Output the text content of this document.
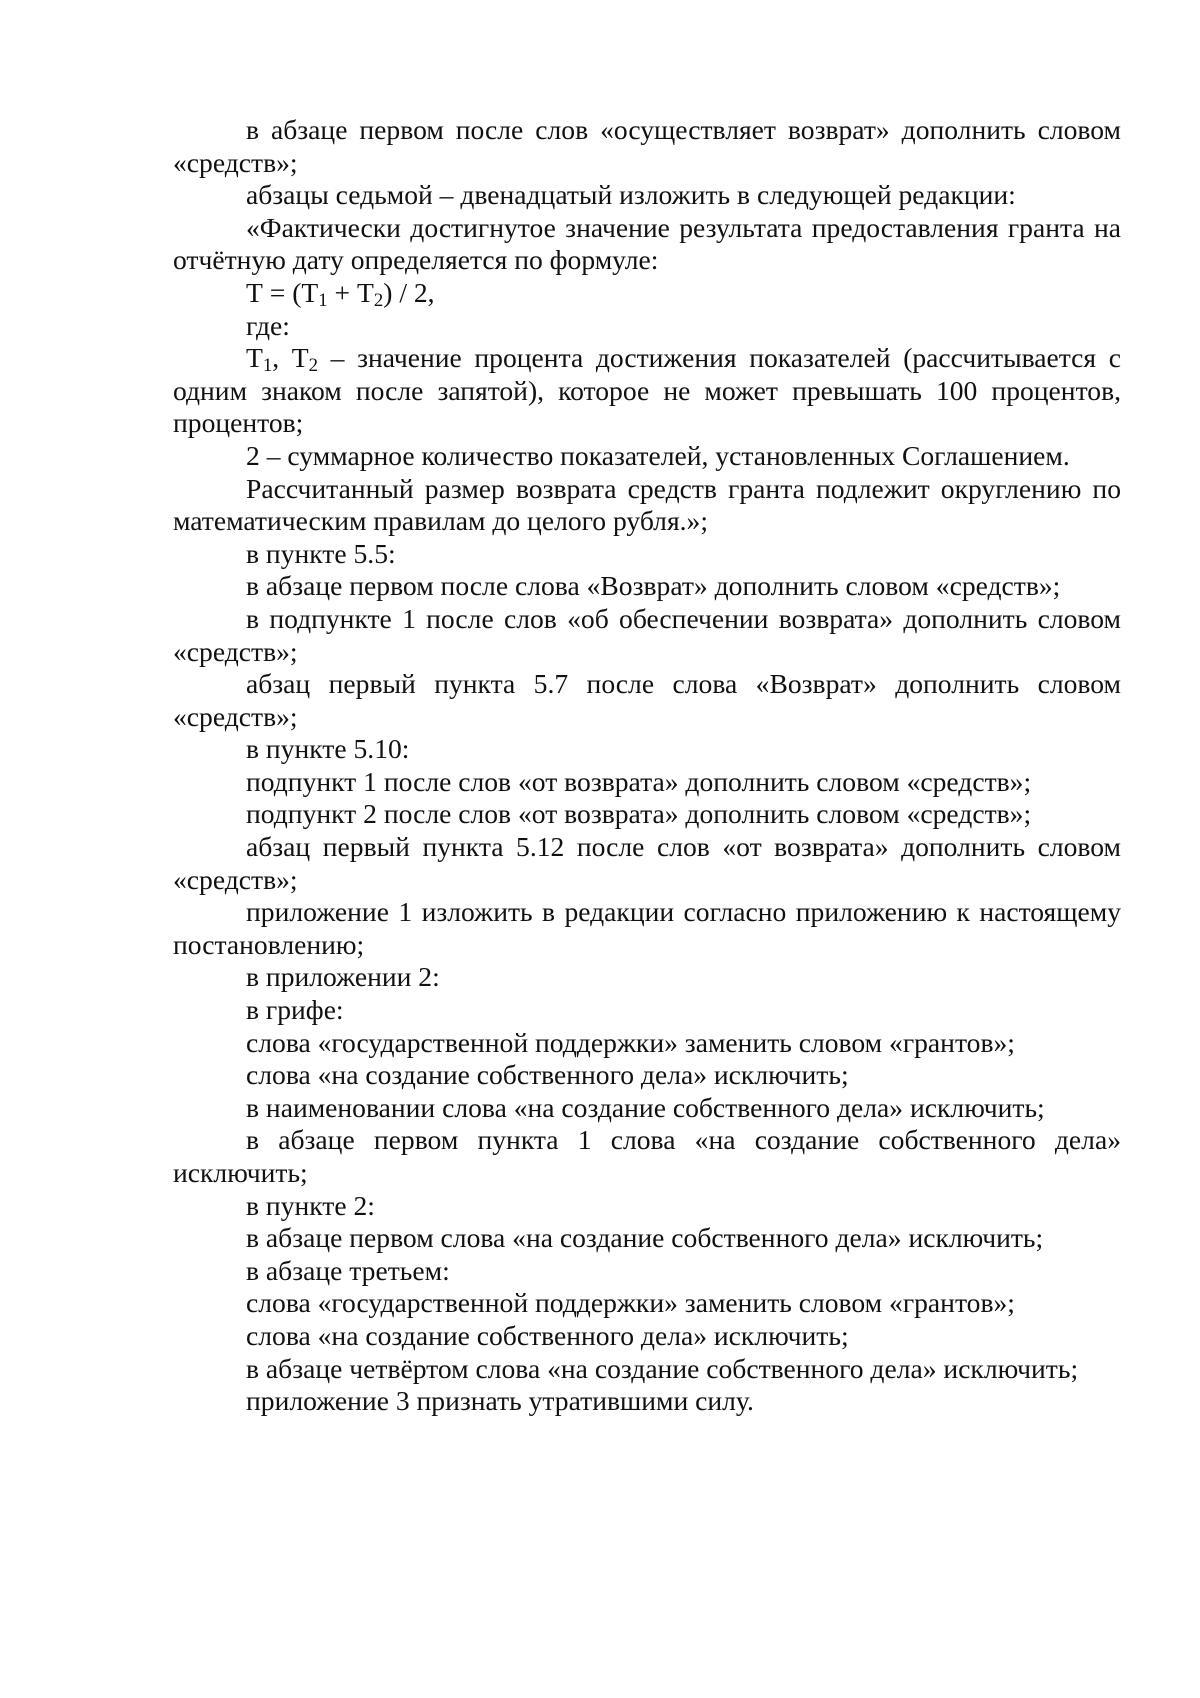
в абзаце первом после слов «осуществляет возврат» дополнить словом «средств»;

абзацы седьмой – двенадцатый изложить в следующей редакции:

«Фактически достигнутое значение результата предоставления гранта на отчётную дату определяется по формуле:

$Т = (Т_1 + Т_2) / 2$,

где:

$Т_1$, $Т_2$ – значение процента достижения показателей (рассчитывается с одним знаком после запятой), которое не может превышать 100 процентов, процентов;

2 – суммарное количество показателей, установленных Соглашением.

Рассчитанный размер возврата средств гранта подлежит округлению по математическим правилам до целого рубля.»;

в пункте 5.5:

в абзаце первом после слова «Возврат» дополнить словом «средств»;

в подпункте 1 после слов «об обеспечении возврата» дополнить словом «средств»;

абзац первый пункта 5.7 после слова «Возврат» дополнить словом «средств»;

в пункте 5.10:

подпункт 1 после слов «от возврата» дополнить словом «средств»;

подпункт 2 после слов «от возврата» дополнить словом «средств»;

абзац первый пункта 5.12 после слов «от возврата» дополнить словом «средств»;

приложение 1 изложить в редакции согласно приложению к настоящему постановлению;

в приложении 2:

в грифе:

слова «государственной поддержки» заменить словом «грантов»;

слова «на создание собственного дела» исключить;

в наименовании слова «на создание собственного дела» исключить;

в абзаце первом пункта 1 слова «на создание собственного дела» исключить;

в пункте 2:

в абзаце первом слова «на создание собственного дела» исключить;

в абзаце третьем:

слова «государственной поддержки» заменить словом «грантов»;

слова «на создание собственного дела» исключить;

в абзаце четвёртом слова «на создание собственного дела» исключить;

приложение 3 признать утратившими силу.
